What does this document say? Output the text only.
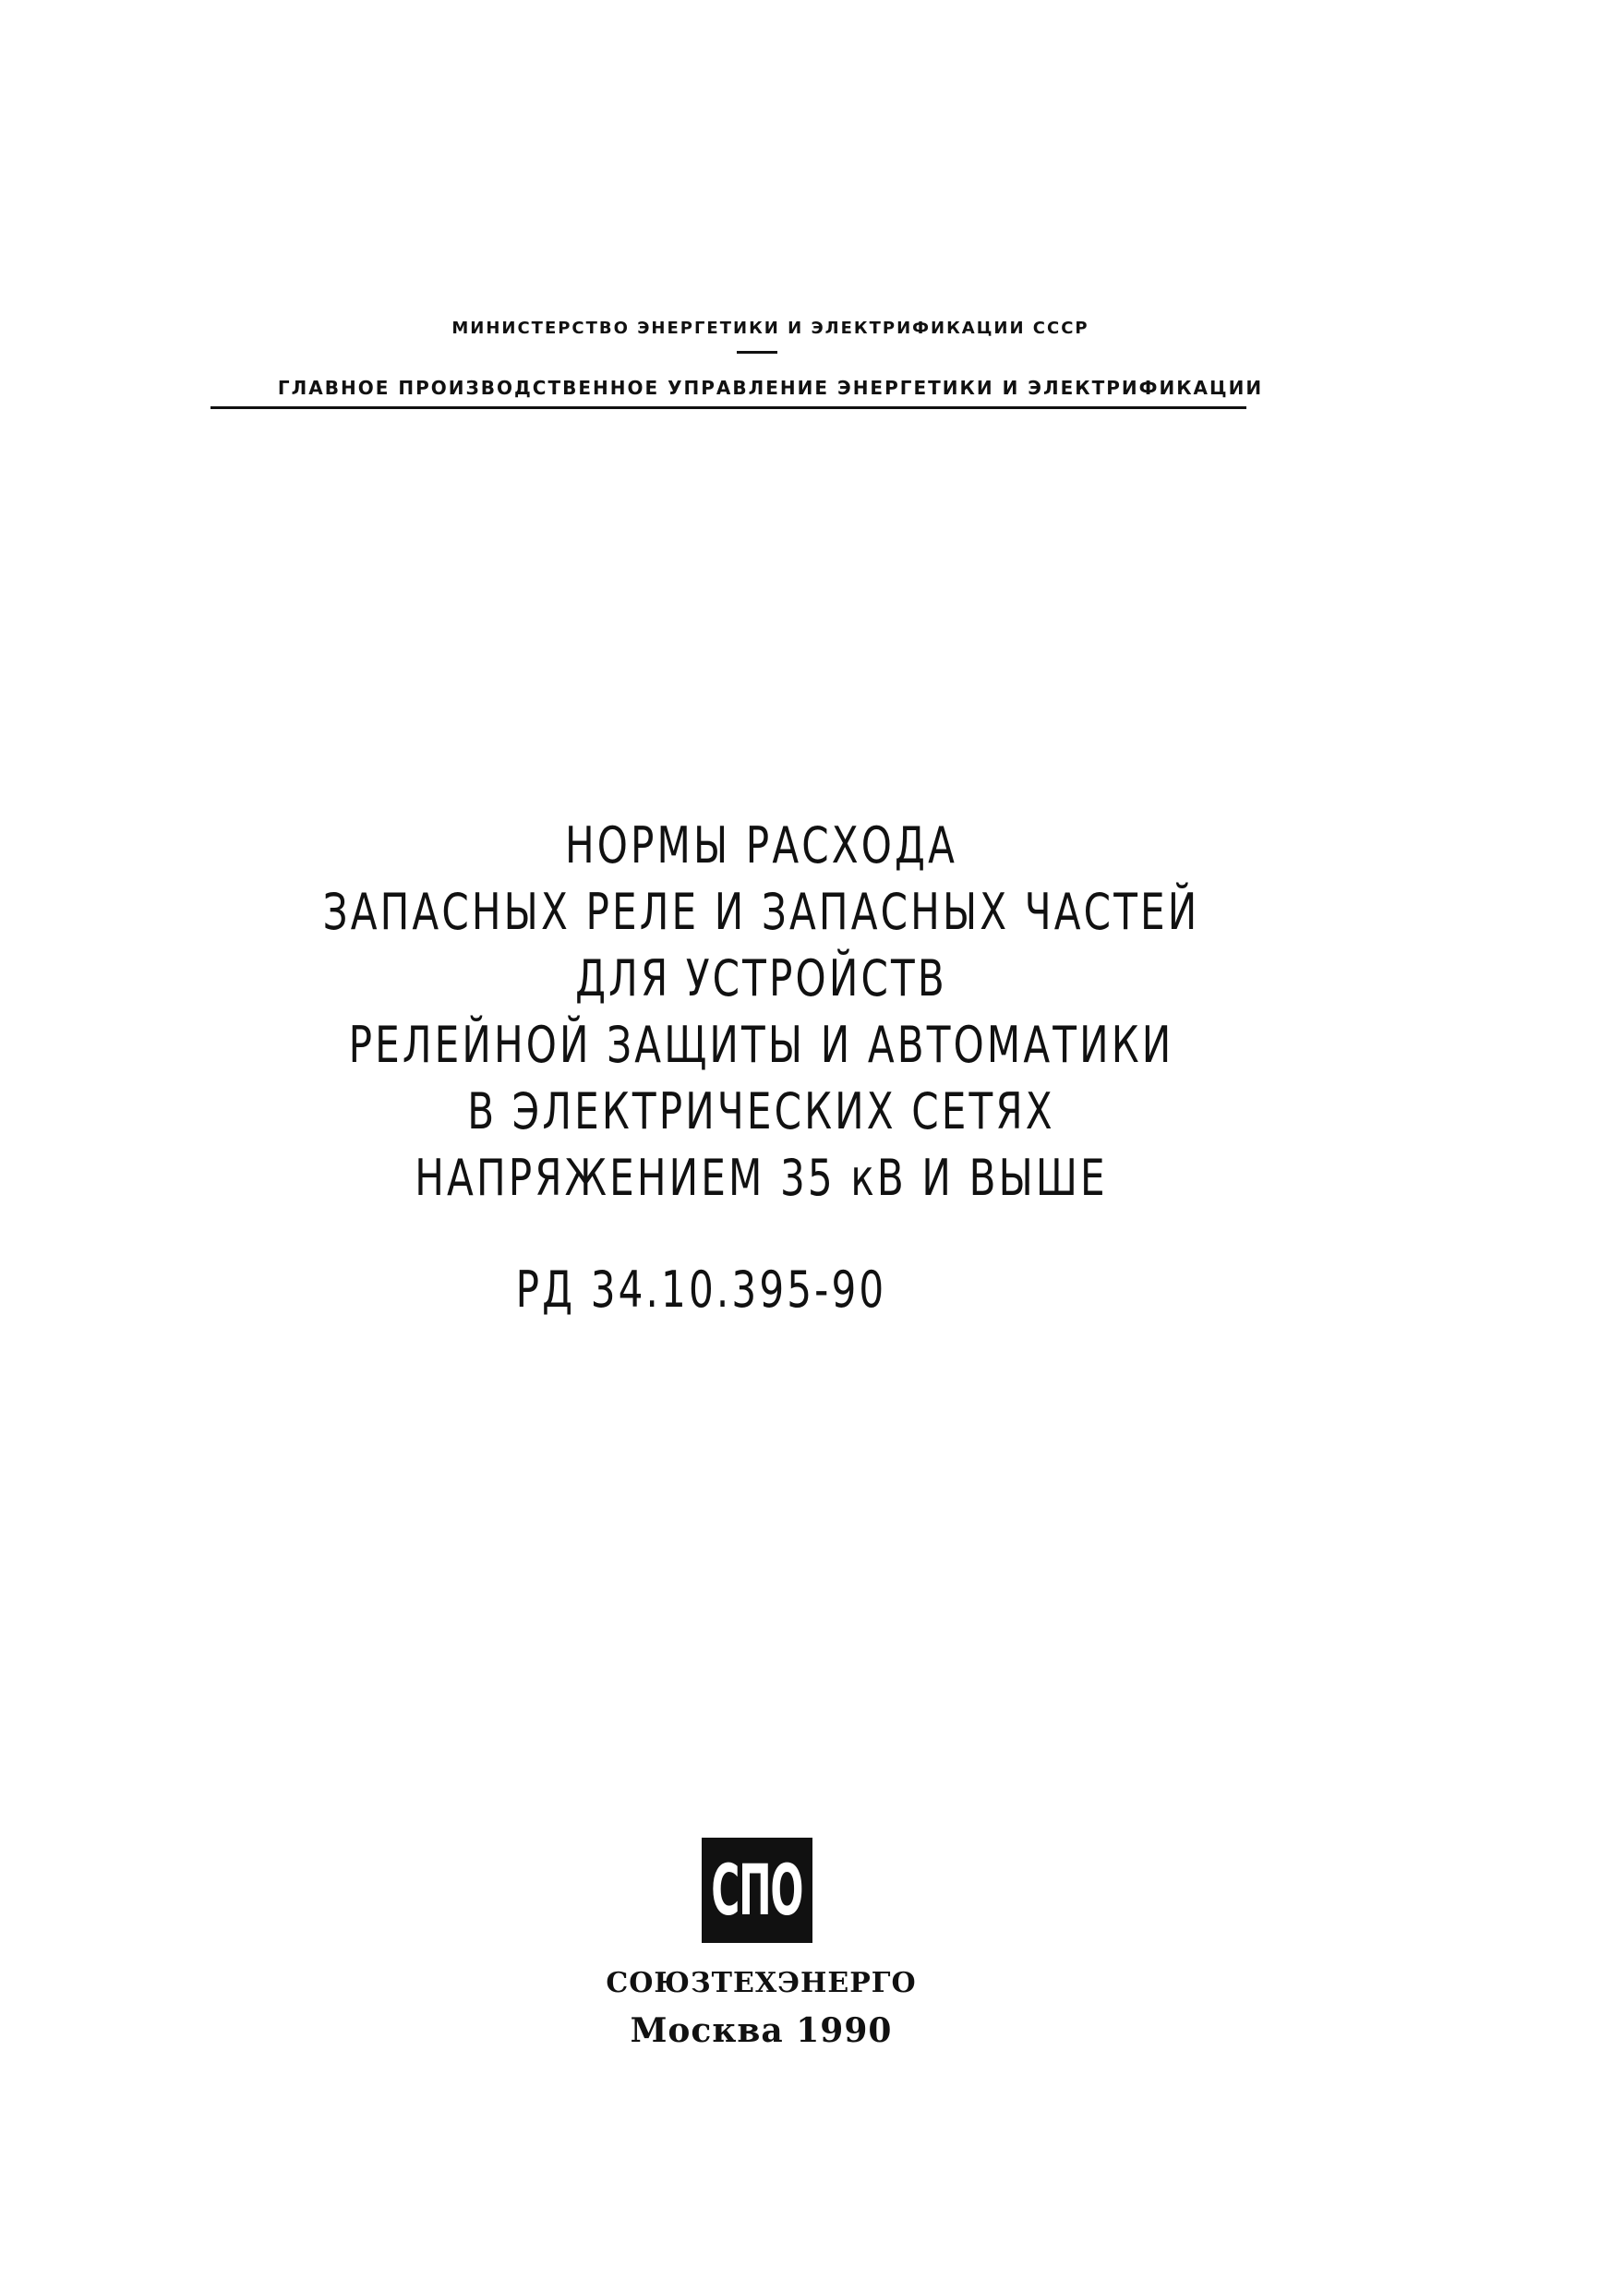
МИНИСТЕРСТВО ЭНЕРГЕТИКИ И ЭЛЕКТРИФИКАЦИИ СССР
ГЛАВНОЕ ПРОИЗВОДСТВЕННОЕ УПРАВЛЕНИЕ ЭНЕРГЕТИКИ И ЭЛЕКТРИФИКАЦИИ
НОРМЫ РАСХОДА
ЗАПАСНЫХ РЕЛЕ И ЗАПАСНЫХ ЧАСТЕЙ
ДЛЯ УСТРОЙСТВ
РЕЛЕЙНОЙ ЗАЩИТЫ И АВТОМАТИКИ
В ЭЛЕКТРИЧЕСКИХ СЕТЯХ
НАПРЯЖЕНИЕМ 35 кВ И ВЫШЕ
РД 34.10.395-90
СПО
СОЮЗТЕХЭНЕРГО
Москва 1990
